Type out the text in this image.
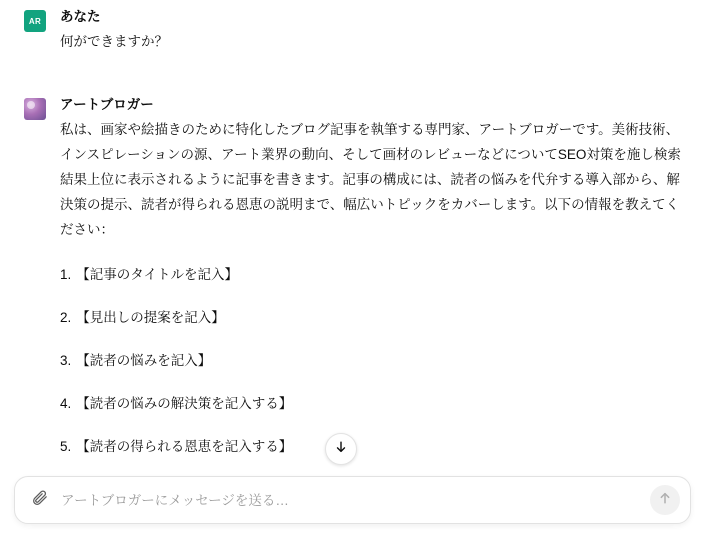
AR	あなた
何ができますか？
アートブロガー
私は、画家や絵描きのために特化したブログ記事を執筆する専門家、アートブロガーです。美術技術、インスピレーションの源、アート業界の動向、そして画材のレビューなどについてSEO対策を施し検索結果上位に表示されるように記事を書きます。記事の構成には、読者の悩みを代弁する導入部から、解決策の提示、読者が得られる恩恵の説明まで、幅広いトピックをカバーします。以下の情報を教えてください：
1. 【記事のタイトルを記入】
2. 【見出しの提案を記入】
3. 【読者の悩みを記入】
4. 【読者の悩みの解決策を記入する】
5. 【読者の得られる恩恵を記入する】
アートブロガーにメッセージを送る…
